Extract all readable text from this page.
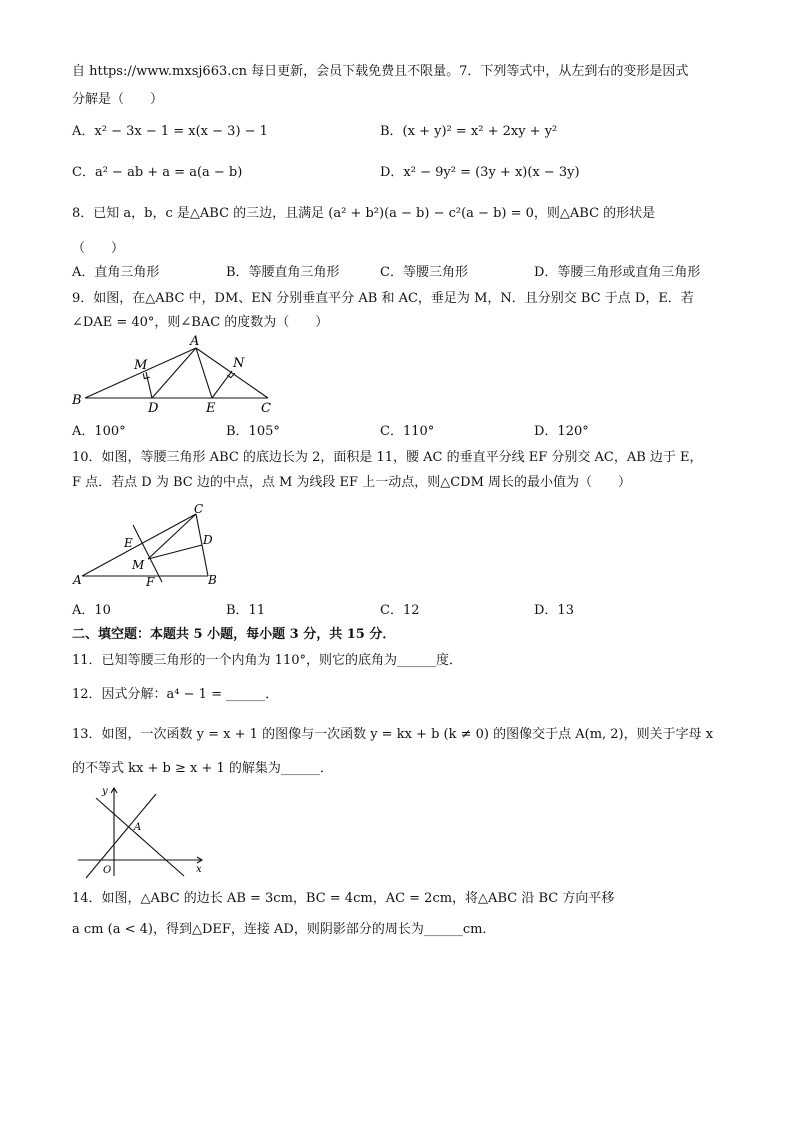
自 https://www.mxsj663.cn 每日更新，会员下载免费且不限量。7．下列等式中，从左到右的变形是因式
分解是（　　）
A．x² − 3x − 1 = x(x − 3) − 1	B．(x + y)² = x² + 2xy + y²
C．a² − ab + a = a(a − b)	D．x² − 9y² = (3y + x)(x − 3y)
8．已知 a，b，c 是△ABC 的三边，且满足 (a² + b²)(a − b) − c²(a − b) = 0，则△ABC 的形状是
（　　）
A．直角三角形	B．等腰直角三角形	C．等腰三角形	D．等腰三角形或直角三角形
9．如图，在△ABC 中，DM、EN 分别垂直平分 AB 和 AC，垂足为 M，N．且分别交 BC 于点 D，E．若
∠DAE = 40°，则∠BAC 的度数为（　　）
A
B
C
D	E
M	N
A．100°	B．105°	C．110°	D．120°
10．如图，等腰三角形 ABC 的底边长为 2，面积是 11，腰 AC 的垂直平分线 EF 分别交 AC，AB 边于 E，
F 点．若点 D 为 BC 边的中点，点 M 为线段 EF 上一动点，则△CDM 周长的最小值为（　　）
A	B
C
D
E
F
M
A．10	B．11	C．12	D．13
二、填空题：本题共 5 小题，每小题 3 分，共 15 分．
11．已知等腰三角形的一个内角为 110°，则它的底角为______度．
12．因式分解：a⁴ − 1 = ______．
13．如图，一次函数 y = x + 1 的图像与一次函数 y = kx + b (k ≠ 0) 的图像交于点 A(m, 2)，则关于字母 x
的不等式 kx + b ≥ x + 1 的解集为______．
y
x
O
A
14．如图，△ABC 的边长 AB = 3cm，BC = 4cm，AC = 2cm，将△ABC 沿 BC 方向平移
a cm (a < 4)，得到△DEF，连接 AD，则阴影部分的周长为______cm．
